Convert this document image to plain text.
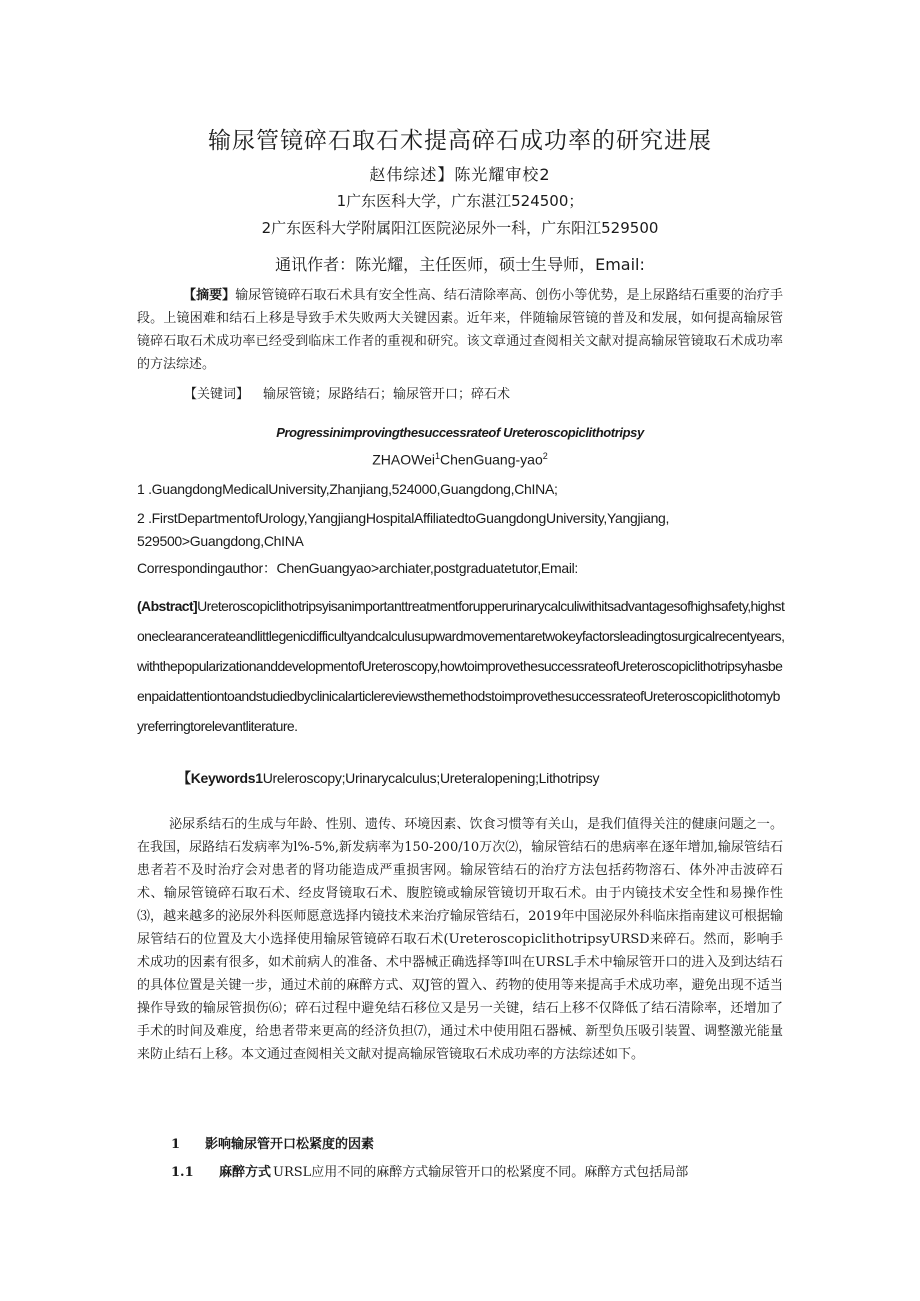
输尿管镜碎石取石术提高碎石成功率的研究进展
赵伟综述】陈光耀审校2
1广东医科大学，广东湛江524500；
2广东医科大学附属阳江医院泌尿外一科，广东阳江529500
通讯作者：陈光耀，主任医师，硕士生导师，Email:
【摘要】输尿管镜碎石取石术具有安全性高、结石清除率高、创伤小等优势，是上尿路结石重要的治疗手段。上镜困难和结石上移是导致手术失败两大关键因素。近年来，伴随输尿管镜的普及和发展，如何提高输尿管镜碎石取石术成功率已经受到临床工作者的重视和研究。该文章通过查阅相关文献对提高输尿管镜取石术成功率的方法综述。
【关键词】 输尿管镜；尿路结石；输尿管开口；碎石术
Progressinimprovingthesuccessrateof Ureteroscopiclithotripsy
ZHAOWei$^1$ChenGuang-yao$^2$
1 .GuangdongMedicalUniversity,Zhanjiang,524000,Guangdong,ChINA;
2 .FirstDepartmentofUrology,YangjiangHospitalAffiliatedtoGuangdongUniversity,Yangjiang,
529500>Guangdong,ChINA
Correspondingauthor：ChenGuangyao>archiater,postgraduatetutor,Email:
(Abstract]Ureteroscopiclithotripsyisanimportanttreatmentforupperurinarycalculiwithitsadvantagesofhighsafety,highstoneclearancerateandlittlegenicdifficultyandcalculusupwardmovementaretwokeyfactorsleadingtosurgicalrecentyears,withthepopularizationanddevelopmentofUreteroscopy,howtoimprovethesuccessrateofUreteroscopiclithotripsyhasbeenpaidattentiontoandstudiedbyclinicalarticlereviewsthemethodstoimprovethesuccessrateofUreteroscopiclithotomybyreferringtorelevantliterature.
【Keywords1Ureleroscopy;Urinarycalculus;Ureteralopening;Lithotripsy
泌尿系结石的生成与年龄、性别、遗传、环境因素、饮食习惯等有关山，是我们值得关注的健康问题之一。在我国，尿路结石发病率为l%-5%,新发病率为150-200/10万次⑵，输尿管结石的患病率在逐年增加,输尿管结石患者若不及时治疗会对患者的肾功能造成严重损害网。输尿管结石的治疗方法包括药物溶石、体外冲击波碎石术、输尿管镜碎石取石术、经皮肾镜取石术、腹腔镜或输尿管镜切开取石术。由于内镜技术安全性和易操作性⑶，越来越多的泌尿外科医师愿意选择内镜技术来治疗输尿管结石，2019年中国泌尿外科临床指南建议可根据输尿管结石的位置及大小选择使用输尿管镜碎石取石术(UreteroscopiclithotripsyURSD来碎石。然而，影响手术成功的因素有很多，如术前病人的准备、术中器械正确选择等I叫在URSL手术中输尿管开口的进入及到达结石的具体位置是关键一步，通过术前的麻醉方式、双J管的置入、药物的使用等来提高手术成功率，避免出现不适当操作导致的输尿管损伤⑹；碎石过程中避免结石移位又是另一关键，结石上移不仅降低了结石清除率，还增加了手术的时间及难度，给患者带来更高的经济负担⑺，通过术中使用阻石器械、新型负压吸引装置、调整激光能量来防止结石上移。本文通过查阅相关文献对提高输尿管镜取石术成功率的方法综述如下。
1 影响输尿管开口松紧度的因素
1.1 麻醉方式 URSL应用不同的麻醉方式输尿管开口的松紧度不同。麻醉方式包括局部
